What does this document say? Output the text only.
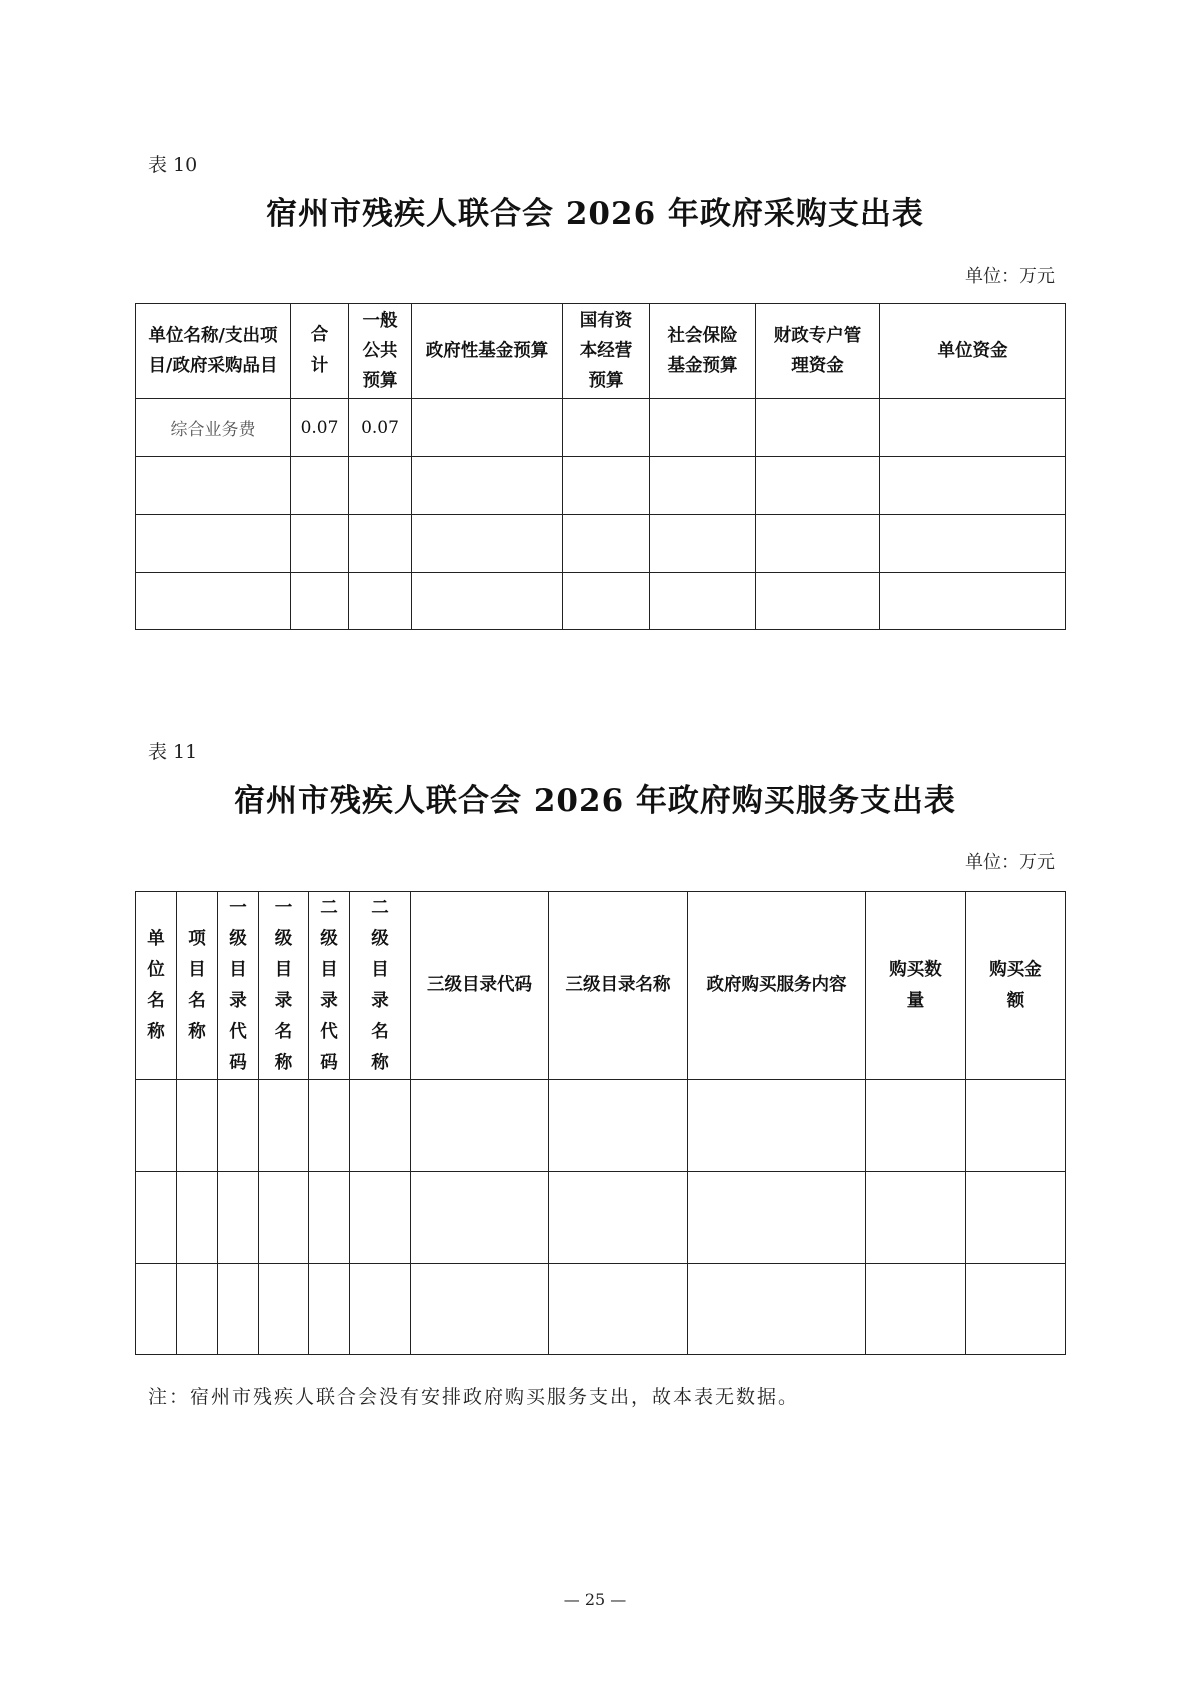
表 10
宿州市残疾人联合会 2026 年政府采购支出表
单位：万元
单位名称/支出项目/政府采购品目	合计	一般公共预算	政府性基金预算	国有资本经营预算	社会保险基金预算	财政专户管理资金	单位资金
综合业务费	0.07	0.07					

表 11
宿州市残疾人联合会 2026 年政府购买服务支出表
单位：万元
单位名称	项目名称	一级目录代码	一级目录名称	二级目录代码	二级目录名称	三级目录代码	三级目录名称	政府购买服务内容	购买数量	购买金额

注：宿州市残疾人联合会没有安排政府购买服务支出，故本表无数据。
— 25 —
